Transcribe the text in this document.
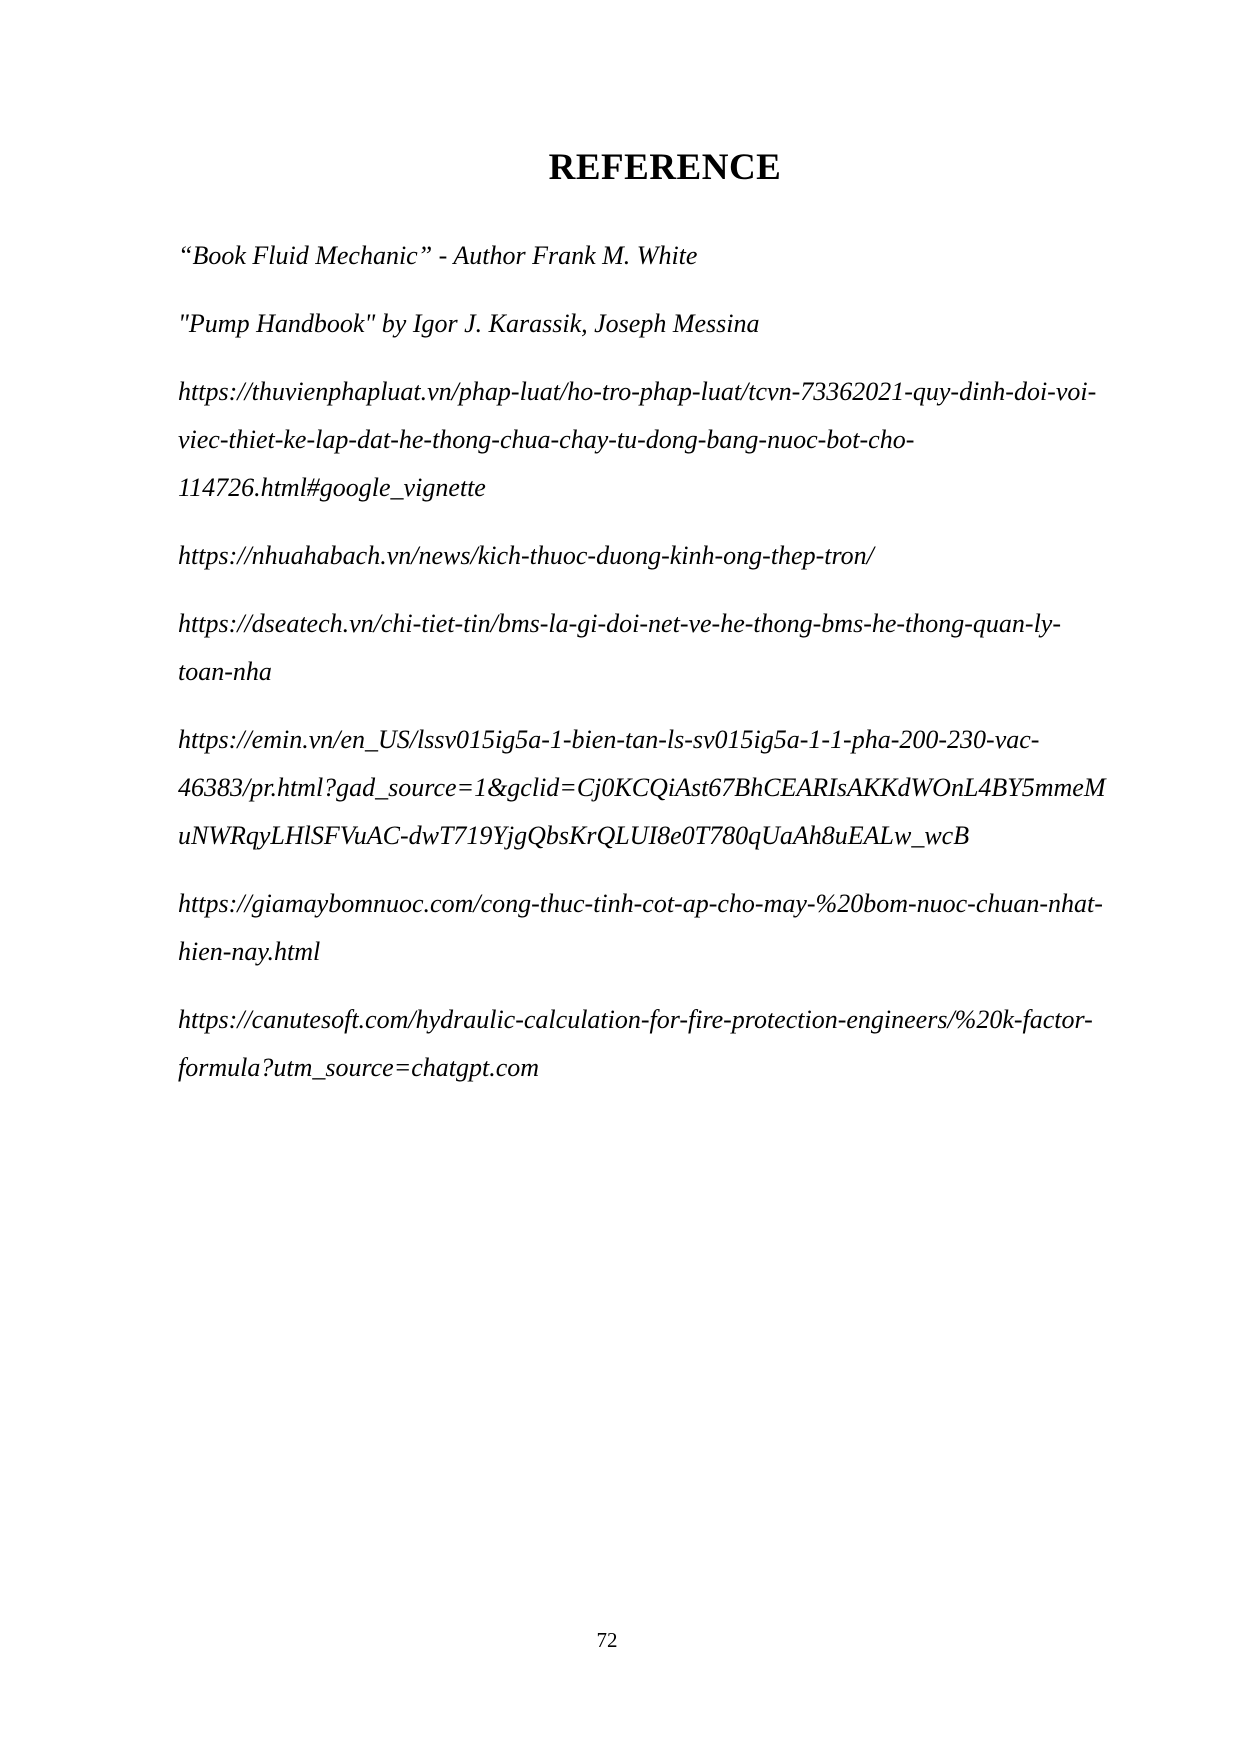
REFERENCE
“Book Fluid Mechanic” - Author Frank M. White
"Pump Handbook" by Igor J. Karassik, Joseph Messina
https://thuvienphapluat.vn/phap-luat/ho-tro-phap-luat/tcvn-73362021-quy-dinh-doi-voi-
viec-thiet-ke-lap-dat-he-thong-chua-chay-tu-dong-bang-nuoc-bot-cho-
114726.html#google_vignette
https://nhuahabach.vn/news/kich-thuoc-duong-kinh-ong-thep-tron/
https://dseatech.vn/chi-tiet-tin/bms-la-gi-doi-net-ve-he-thong-bms-he-thong-quan-ly-
toan-nha
https://emin.vn/en_US/lssv015ig5a-1-bien-tan-ls-sv015ig5a-1-1-pha-200-230-vac-
46383/pr.html?gad_source=1&gclid=Cj0KCQiAst67BhCEARIsAKKdWOnL4BY5mmeM
uNWRqyLHlSFVuAC-dwT719YjgQbsKrQLUI8e0T780qUaAh8uEALw_wcB
https://giamaybomnuoc.com/cong-thuc-tinh-cot-ap-cho-may-%20bom-nuoc-chuan-nhat-
hien-nay.html
https://canutesoft.com/hydraulic-calculation-for-fire-protection-engineers/%20k-factor-
formula?utm_source=chatgpt.com
72
